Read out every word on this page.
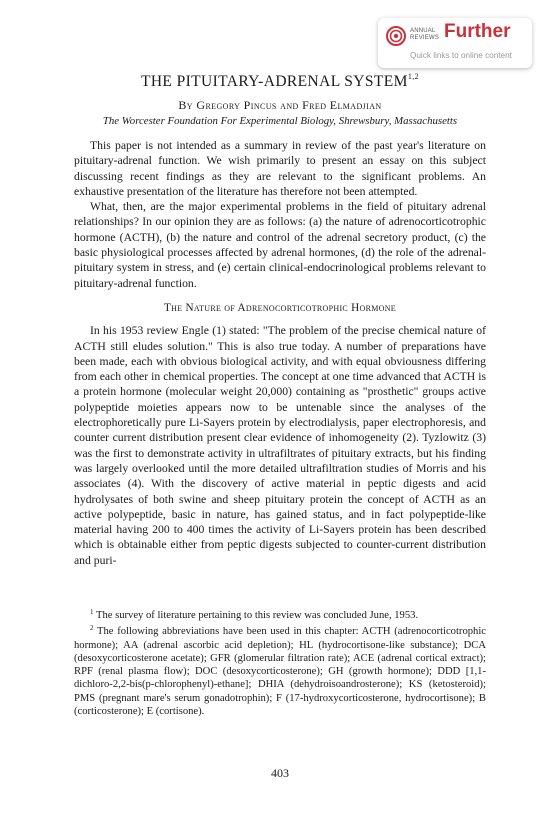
ANNUAL
REVIEWS Further
Quick links to online content
THE PITUITARY-ADRENAL SYSTEM$^{1,2}$
By Gregory Pincus and Fred Elmadjian
The Worcester Foundation For Experimental Biology, Shrewsbury, Massachusetts

This paper is not intended as a summary in review of the past year's literature on pituitary-adrenal function. We wish primarily to present an essay on this subject discussing recent findings as they are relevant to the significant problems. An exhaustive presentation of the literature has therefore not been attempted.

What, then, are the major experimental problems in the field of pituitary adrenal relationships? In our opinion they are as follows: (a) the nature of adrenocorticotrophic hormone (ACTH), (b) the nature and control of the adrenal secretory product, (c) the basic physiological processes affected by adrenal hormones, (d) the role of the adrenal-pituitary system in stress, and (e) certain clinical-endocrinological problems relevant to pituitary-adrenal function.

The Nature of Adrenocorticotrophic Hormone

In his 1953 review Engle (1) stated: "The problem of the precise chemical nature of ACTH still eludes solution." This is also true today. A number of preparations have been made, each with obvious biological activity, and with equal obviousness differing from each other in chemical properties. The concept at one time advanced that ACTH is a protein hormone (molecular weight 20,000) containing as "prosthetic" groups active polypeptide moieties appears now to be untenable since the analyses of the electrophoretically pure Li-Sayers protein by electrodialysis, paper electrophoresis, and counter current distribution present clear evidence of inhomogeneity (2). Tyzlowitz (3) was the first to demonstrate activity in ultrafiltrates of pituitary extracts, but his finding was largely overlooked until the more detailed ultrafiltration studies of Morris and his associates (4). With the discovery of active material in peptic digests and acid hydrolysates of both swine and sheep pituitary protein the concept of ACTH as an active polypeptide, basic in nature, has gained status, and in fact polypeptide-like material having 200 to 400 times the activity of Li-Sayers protein has been described which is obtainable either from peptic digests subjected to counter-current distribution and puri-

$^1$ The survey of literature pertaining to this review was concluded June, 1953.

$^2$ The following abbreviations have been used in this chapter: ACTH (adrenocorticotrophic hormone); AA (adrenal ascorbic acid depletion); HL (hydrocortisone-like substance); DCA (desoxycorticosterone acetate); GFR (glomerular filtration rate); ACE (adrenal cortical extract); RPF (renal plasma flow); DOC (desoxycorticosterone); GH (growth hormone); DDD [1,1-dichloro-2,2-bis(p-chlorophenyl)-ethane]; DHIA (dehydroisoandrosterone); KS (ketosteroid); PMS (pregnant mare's serum gonadotrophin); F (17-hydroxycorticosterone, hydrocortisone); B (corticosterone); E (cortisone).

403
